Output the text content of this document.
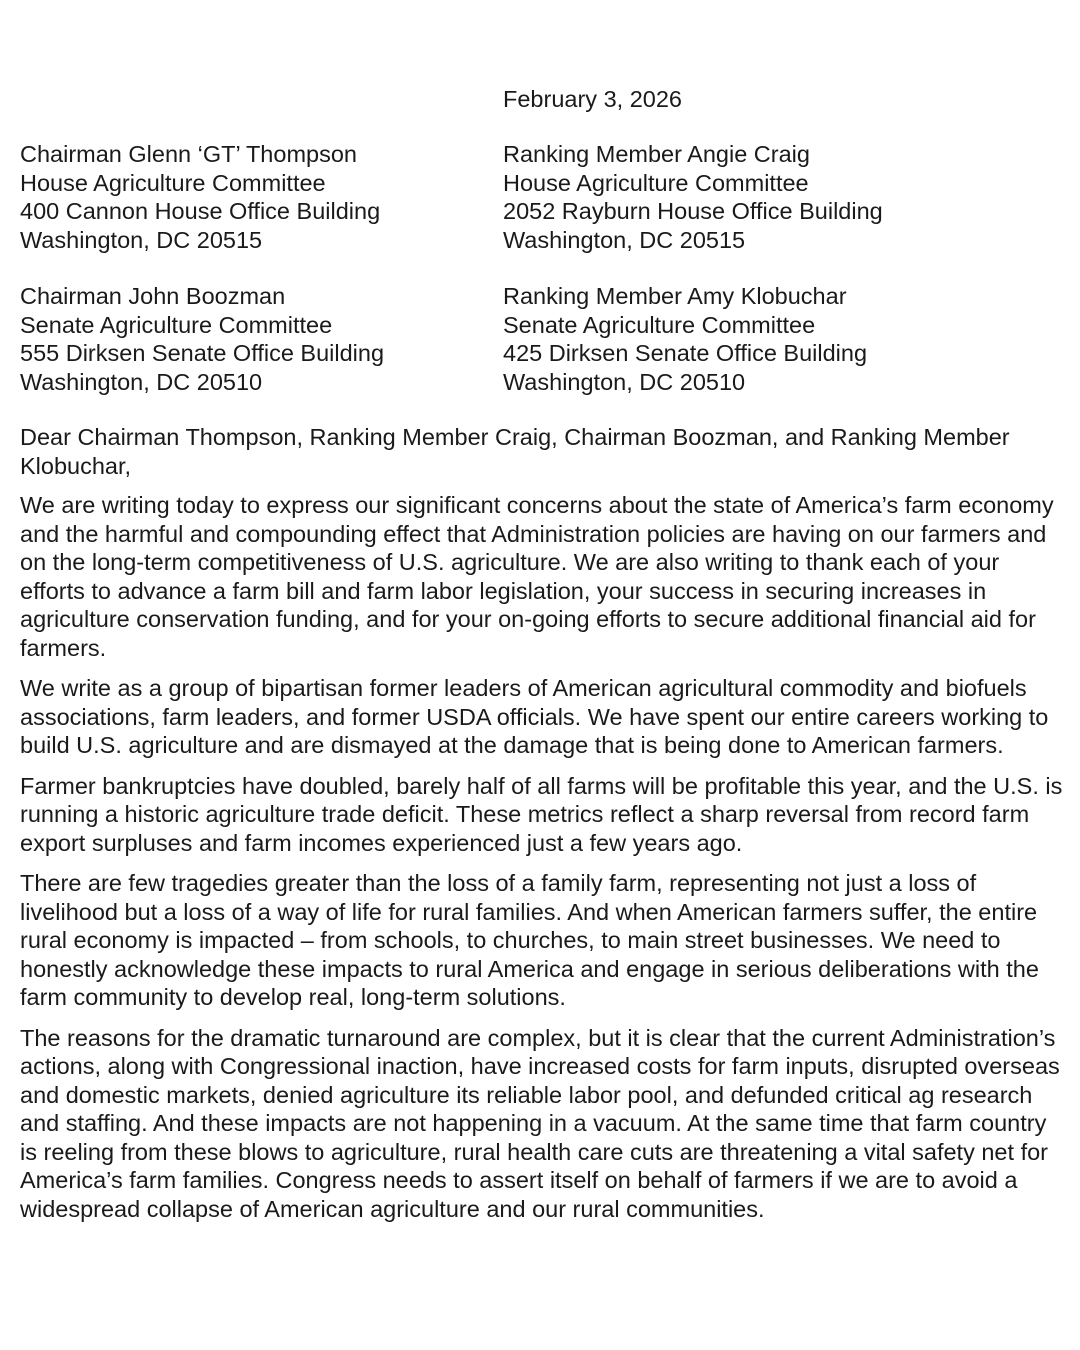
February 3, 2026
Chairman Glenn ‘GT’ Thompson
House Agriculture Committee
400 Cannon House Office Building
Washington, DC 20515
Ranking Member Angie Craig
House Agriculture Committee
2052 Rayburn House Office Building
Washington, DC 20515
Chairman John Boozman
Senate Agriculture Committee
555 Dirksen Senate Office Building
Washington, DC 20510
Ranking Member Amy Klobuchar
Senate Agriculture Committee
425 Dirksen Senate Office Building
Washington, DC 20510

Dear Chairman Thompson, Ranking Member Craig, Chairman Boozman, and Ranking Member Klobuchar,

We are writing today to express our significant concerns about the state of America’s farm economy and the harmful and compounding effect that Administration policies are having on our farmers and on the long-term competitiveness of U.S. agriculture. We are also writing to thank each of your efforts to advance a farm bill and farm labor legislation, your success in securing increases in agriculture conservation funding, and for your on-going efforts to secure additional financial aid for farmers.

We write as a group of bipartisan former leaders of American agricultural commodity and biofuels associations, farm leaders, and former USDA officials. We have spent our entire careers working to build U.S. agriculture and are dismayed at the damage that is being done to American farmers.

Farmer bankruptcies have doubled, barely half of all farms will be profitable this year, and the U.S. is running a historic agriculture trade deficit. These metrics reflect a sharp reversal from record farm export surpluses and farm incomes experienced just a few years ago.

There are few tragedies greater than the loss of a family farm, representing not just a loss of livelihood but a loss of a way of life for rural families. And when American farmers suffer, the entire rural economy is impacted – from schools, to churches, to main street businesses. We need to honestly acknowledge these impacts to rural America and engage in serious deliberations with the farm community to develop real, long-term solutions.

The reasons for the dramatic turnaround are complex, but it is clear that the current Administration’s actions, along with Congressional inaction, have increased costs for farm inputs, disrupted overseas and domestic markets, denied agriculture its reliable labor pool, and defunded critical ag research and staffing. And these impacts are not happening in a vacuum. At the same time that farm country is reeling from these blows to agriculture, rural health care cuts are threatening a vital safety net for America’s farm families. Congress needs to assert itself on behalf of farmers if we are to avoid a widespread collapse of American agriculture and our rural communities.
